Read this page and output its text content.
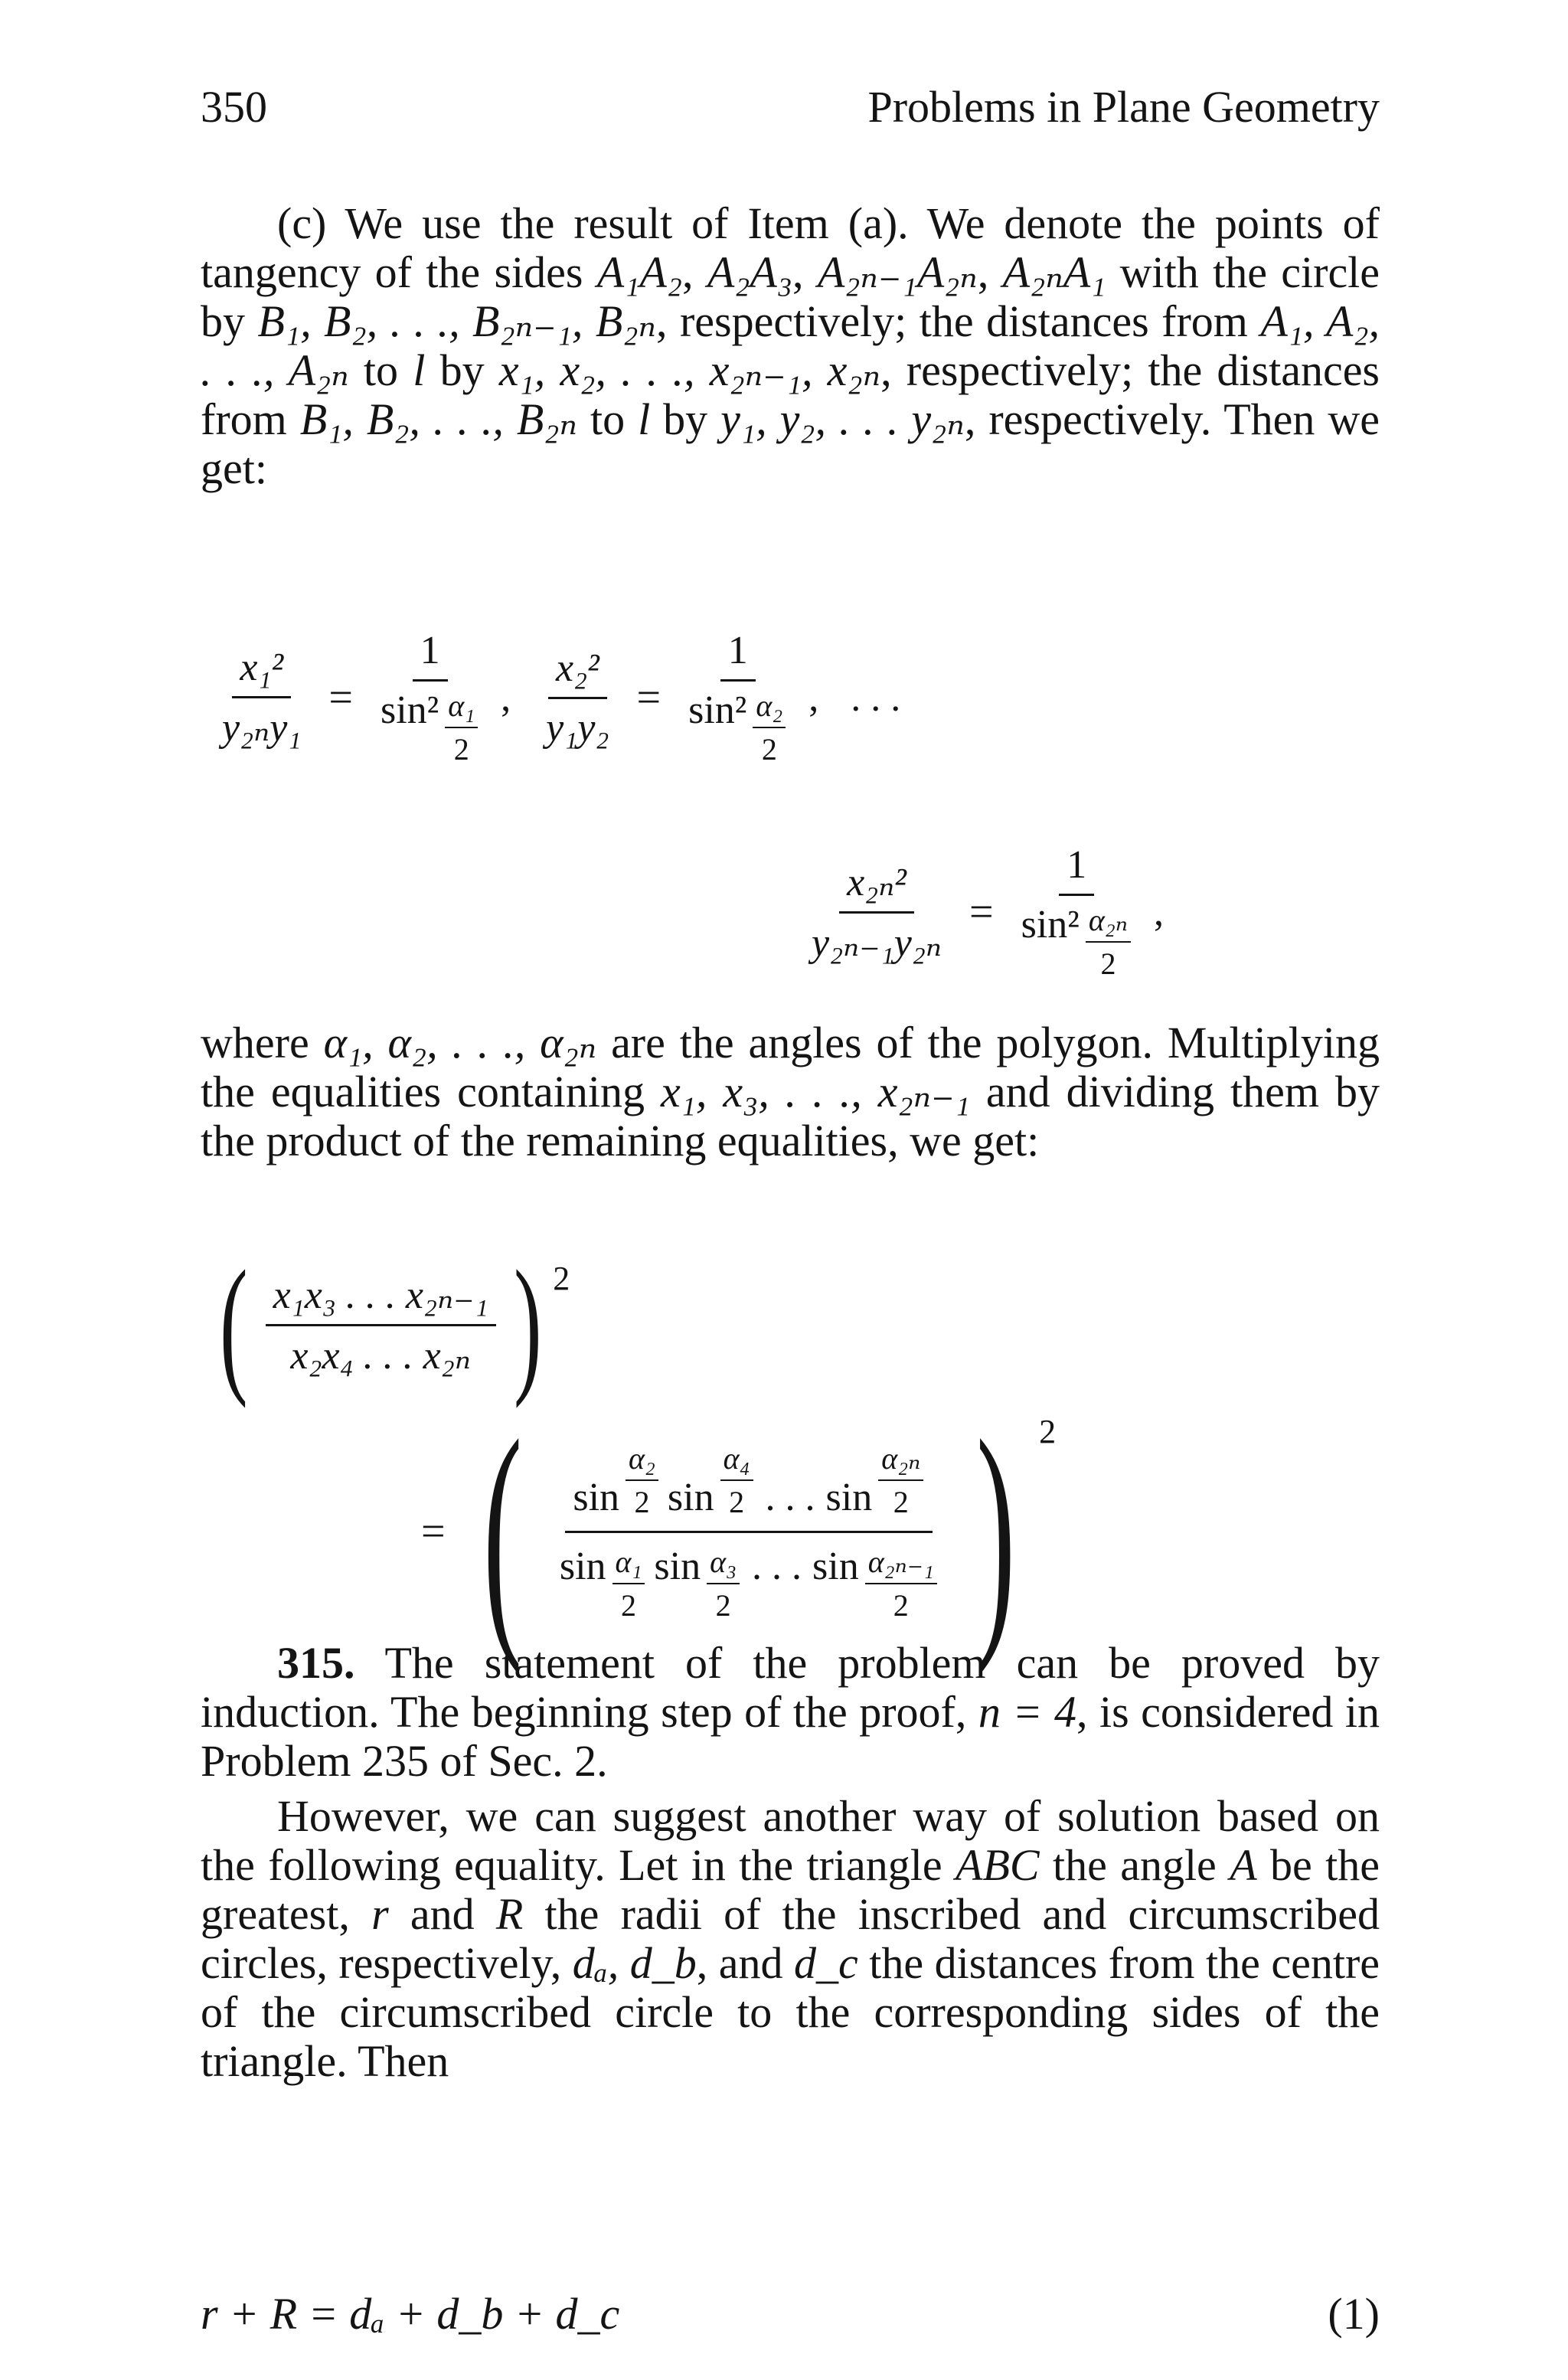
350	Problems in Plane Geometry
(c) We use the result of Item (a). We denote the points of tangency of the sides A₁A₂, A₂A₃, A₂ₙ₋₁A₂ₙ, A₂ₙA₁ with the circle by B₁, B₂, . . ., B₂ₙ₋₁, B₂ₙ, respectively; the distances from A₁, A₂, . . ., A₂ₙ to l by x₁, x₂, . . ., x₂ₙ₋₁, x₂ₙ, respectively; the distances from B₁, B₂, . . ., B₂ₙ to l by y₁, y₂, . . . y₂ₙ, respectively. Then we get:
$\frac{\text{x₁²}}{\text{y₂ₙy₁}} = \frac{1}{\sin^2 \frac{\text{α₁}}{2}}$ , $\frac{\text{x₂²}}{\text{y₁y₂}} = \frac{1}{\sin^2 \frac{\text{α₂}}{2}}$ , . . .
$\frac{\text{x₂ₙ²}}{\text{y₂ₙ₋₁y₂ₙ}} = \frac{1}{\sin^2 \frac{\text{α₂ₙ}}{2}}$ ,
where α₁, α₂, . . ., α₂ₙ are the angles of the polygon. Multiplying the equalities containing x₁, x₃, . . ., x₂ₙ₋₁ and dividing them by the product of the remaining equalities, we get:
( $\frac{\text{x₁x₃ . . . x₂ₙ₋₁}}{\text{x₂x₄ . . . x₂ₙ}}$ ) 2
= ( $\frac{\sin \frac{\text{α₂}}{2} \sin \frac{\text{α₄}}{2} . . . \sin \frac{\text{α₂ₙ}}{2}}{\sin \frac{\text{α₁}}{2} \sin \frac{\text{α₃}}{2} . . . \sin \frac{\text{α₂ₙ₋₁}}{2}}$ ) 2
315. The statement of the problem can be proved by induction. The beginning step of the proof, n = 4, is considered in Problem 235 of Sec. 2.
However, we can suggest another way of solution based on the following equality. Let in the triangle ABC the angle A be the greatest, r and R the radii of the inscribed and circumscribed circles, respectively, dₐ, d_b, and d_c the distances from the centre of the circumscribed circle to the corresponding sides of the triangle. Then
r + R = dₐ + d_b + d_c	(1)
